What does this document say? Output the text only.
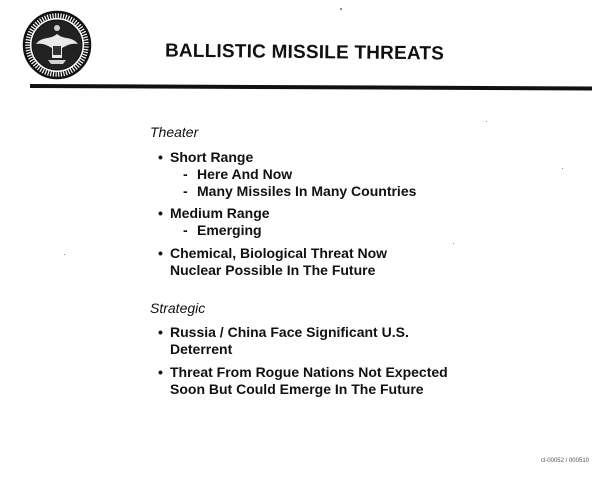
BALLISTIC MISSILE THREATS
Theater
• Short Range
- Here And Now
- Many Missiles In Many Countries
• Medium Range
- Emerging
• Chemical, Biological Threat Now
Nuclear Possible In The Future
Strategic
• Russia / China Face Significant U.S.
Deterrent
• Threat From Rogue Nations Not Expected
Soon But Could Emerge In The Future
cl-00052 / 000510
